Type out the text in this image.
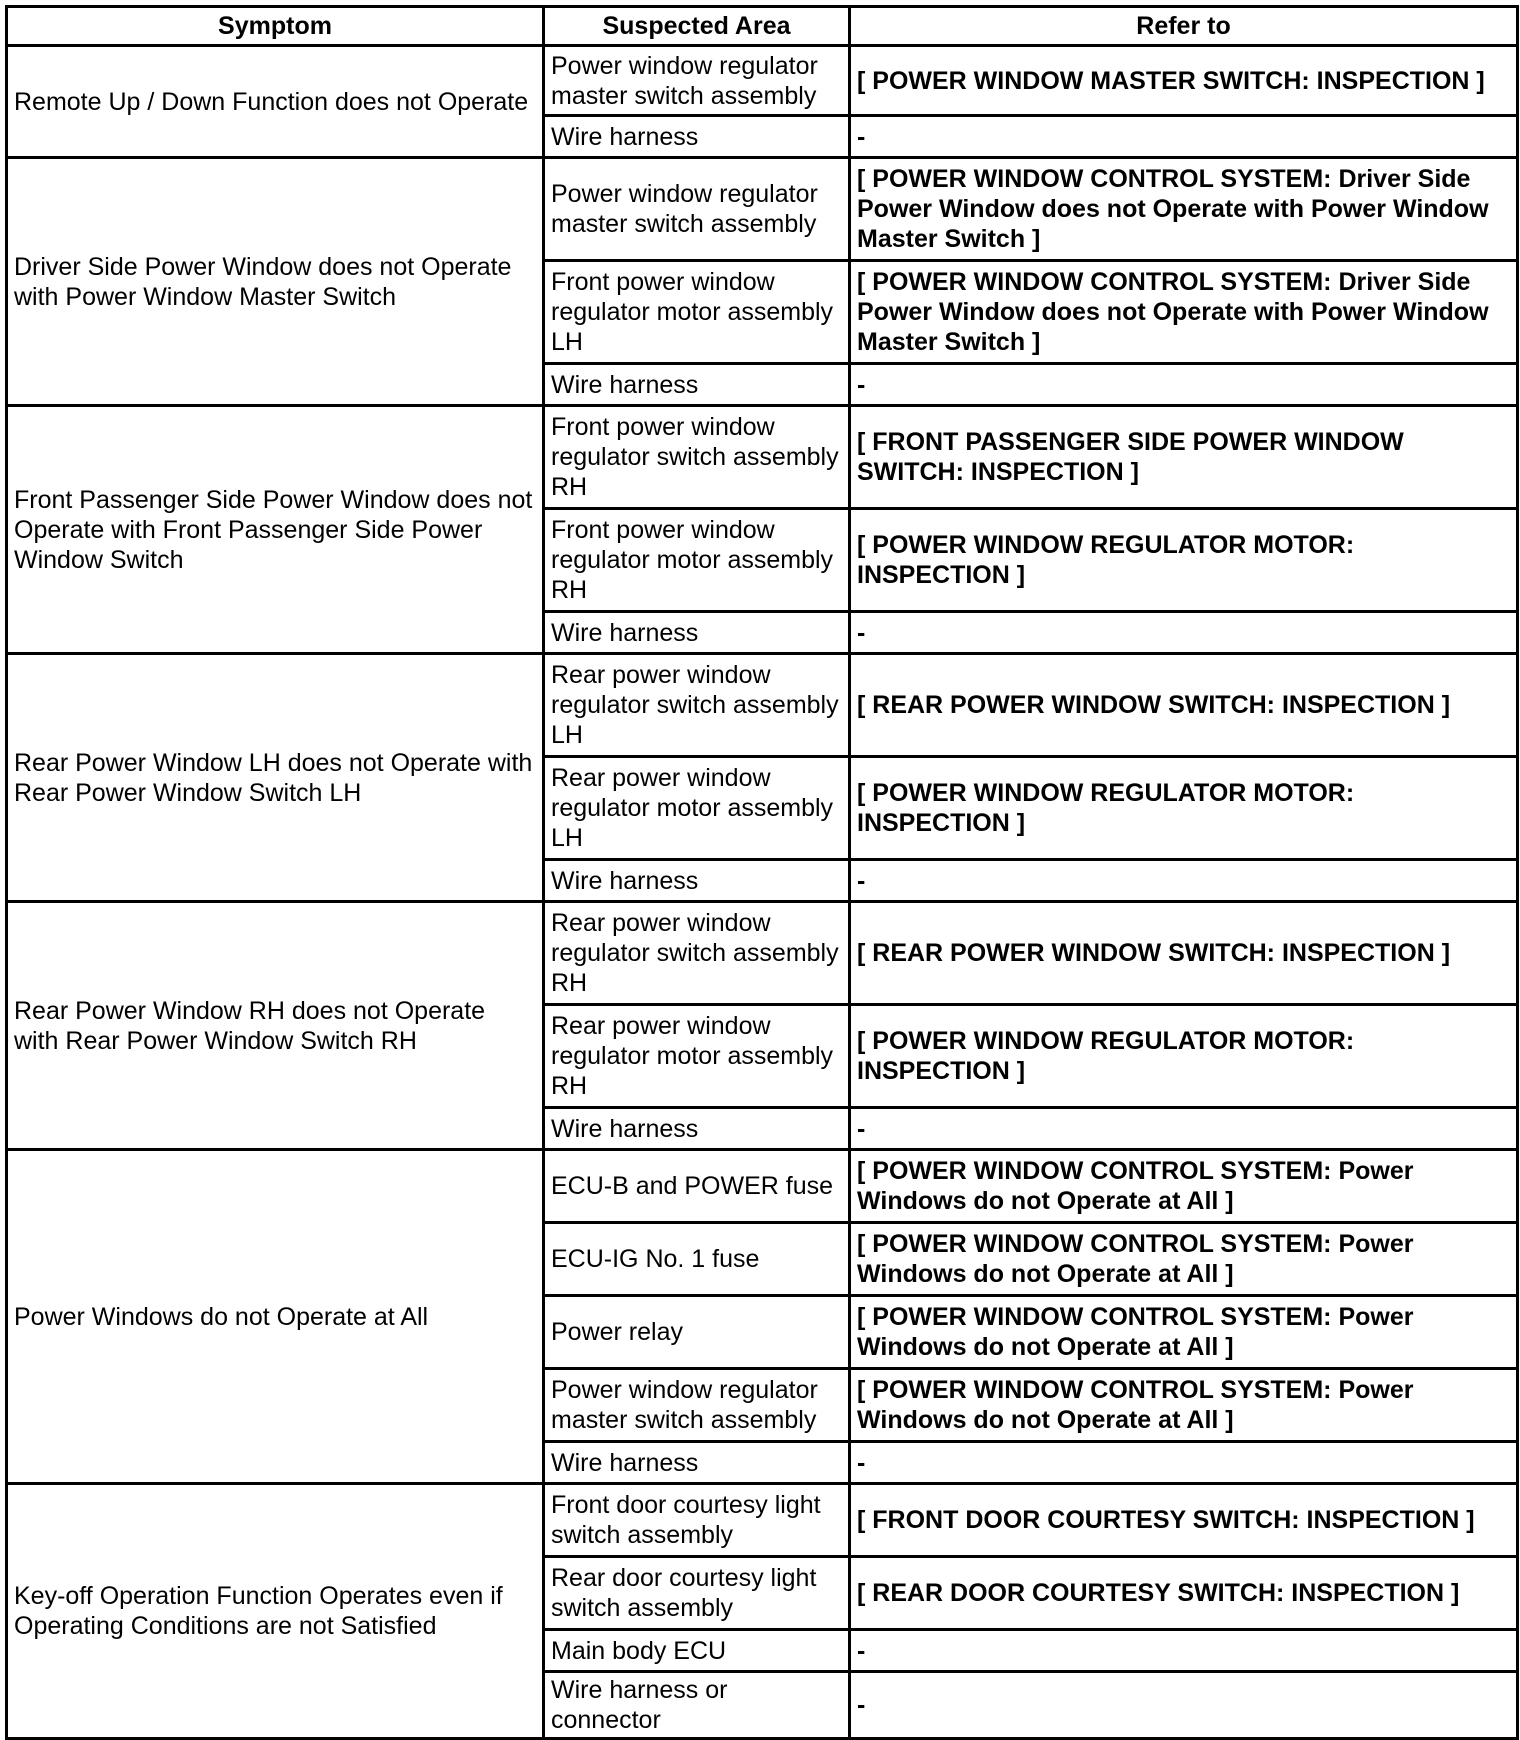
Symptom	Suspected Area	Refer to
Remote Up / Down Function does not Operate	Power window regulator master switch assembly	[ POWER WINDOW MASTER SWITCH: INSPECTION ]
	Wire harness	-
Driver Side Power Window does not Operate with Power Window Master Switch	Power window regulator master switch assembly	[ POWER WINDOW CONTROL SYSTEM: Driver Side Power Window does not Operate with Power Window Master Switch ]
	Front power window regulator motor assembly LH	[ POWER WINDOW CONTROL SYSTEM: Driver Side Power Window does not Operate with Power Window Master Switch ]
	Wire harness	-
Front Passenger Side Power Window does not Operate with Front Passenger Side Power Window Switch	Front power window regulator switch assembly RH	[ FRONT PASSENGER SIDE POWER WINDOW SWITCH: INSPECTION ]
	Front power window regulator motor assembly RH	[ POWER WINDOW REGULATOR MOTOR: INSPECTION ]
	Wire harness	-
Rear Power Window LH does not Operate with Rear Power Window Switch LH	Rear power window regulator switch assembly LH	[ REAR POWER WINDOW SWITCH: INSPECTION ]
	Rear power window regulator motor assembly LH	[ POWER WINDOW REGULATOR MOTOR: INSPECTION ]
	Wire harness	-
Rear Power Window RH does not Operate with Rear Power Window Switch RH	Rear power window regulator switch assembly RH	[ REAR POWER WINDOW SWITCH: INSPECTION ]
	Rear power window regulator motor assembly RH	[ POWER WINDOW REGULATOR MOTOR: INSPECTION ]
	Wire harness	-
Power Windows do not Operate at All	ECU-B and POWER fuse	[ POWER WINDOW CONTROL SYSTEM: Power Windows do not Operate at All ]
	ECU-IG No. 1 fuse	[ POWER WINDOW CONTROL SYSTEM: Power Windows do not Operate at All ]
	Power relay	[ POWER WINDOW CONTROL SYSTEM: Power Windows do not Operate at All ]
	Power window regulator master switch assembly	[ POWER WINDOW CONTROL SYSTEM: Power Windows do not Operate at All ]
	Wire harness	-
Key-off Operation Function Operates even if Operating Conditions are not Satisfied	Front door courtesy light switch assembly	[ FRONT DOOR COURTESY SWITCH: INSPECTION ]
	Rear door courtesy light switch assembly	[ REAR DOOR COURTESY SWITCH: INSPECTION ]
	Main body ECU	-
	Wire harness or connector	-
